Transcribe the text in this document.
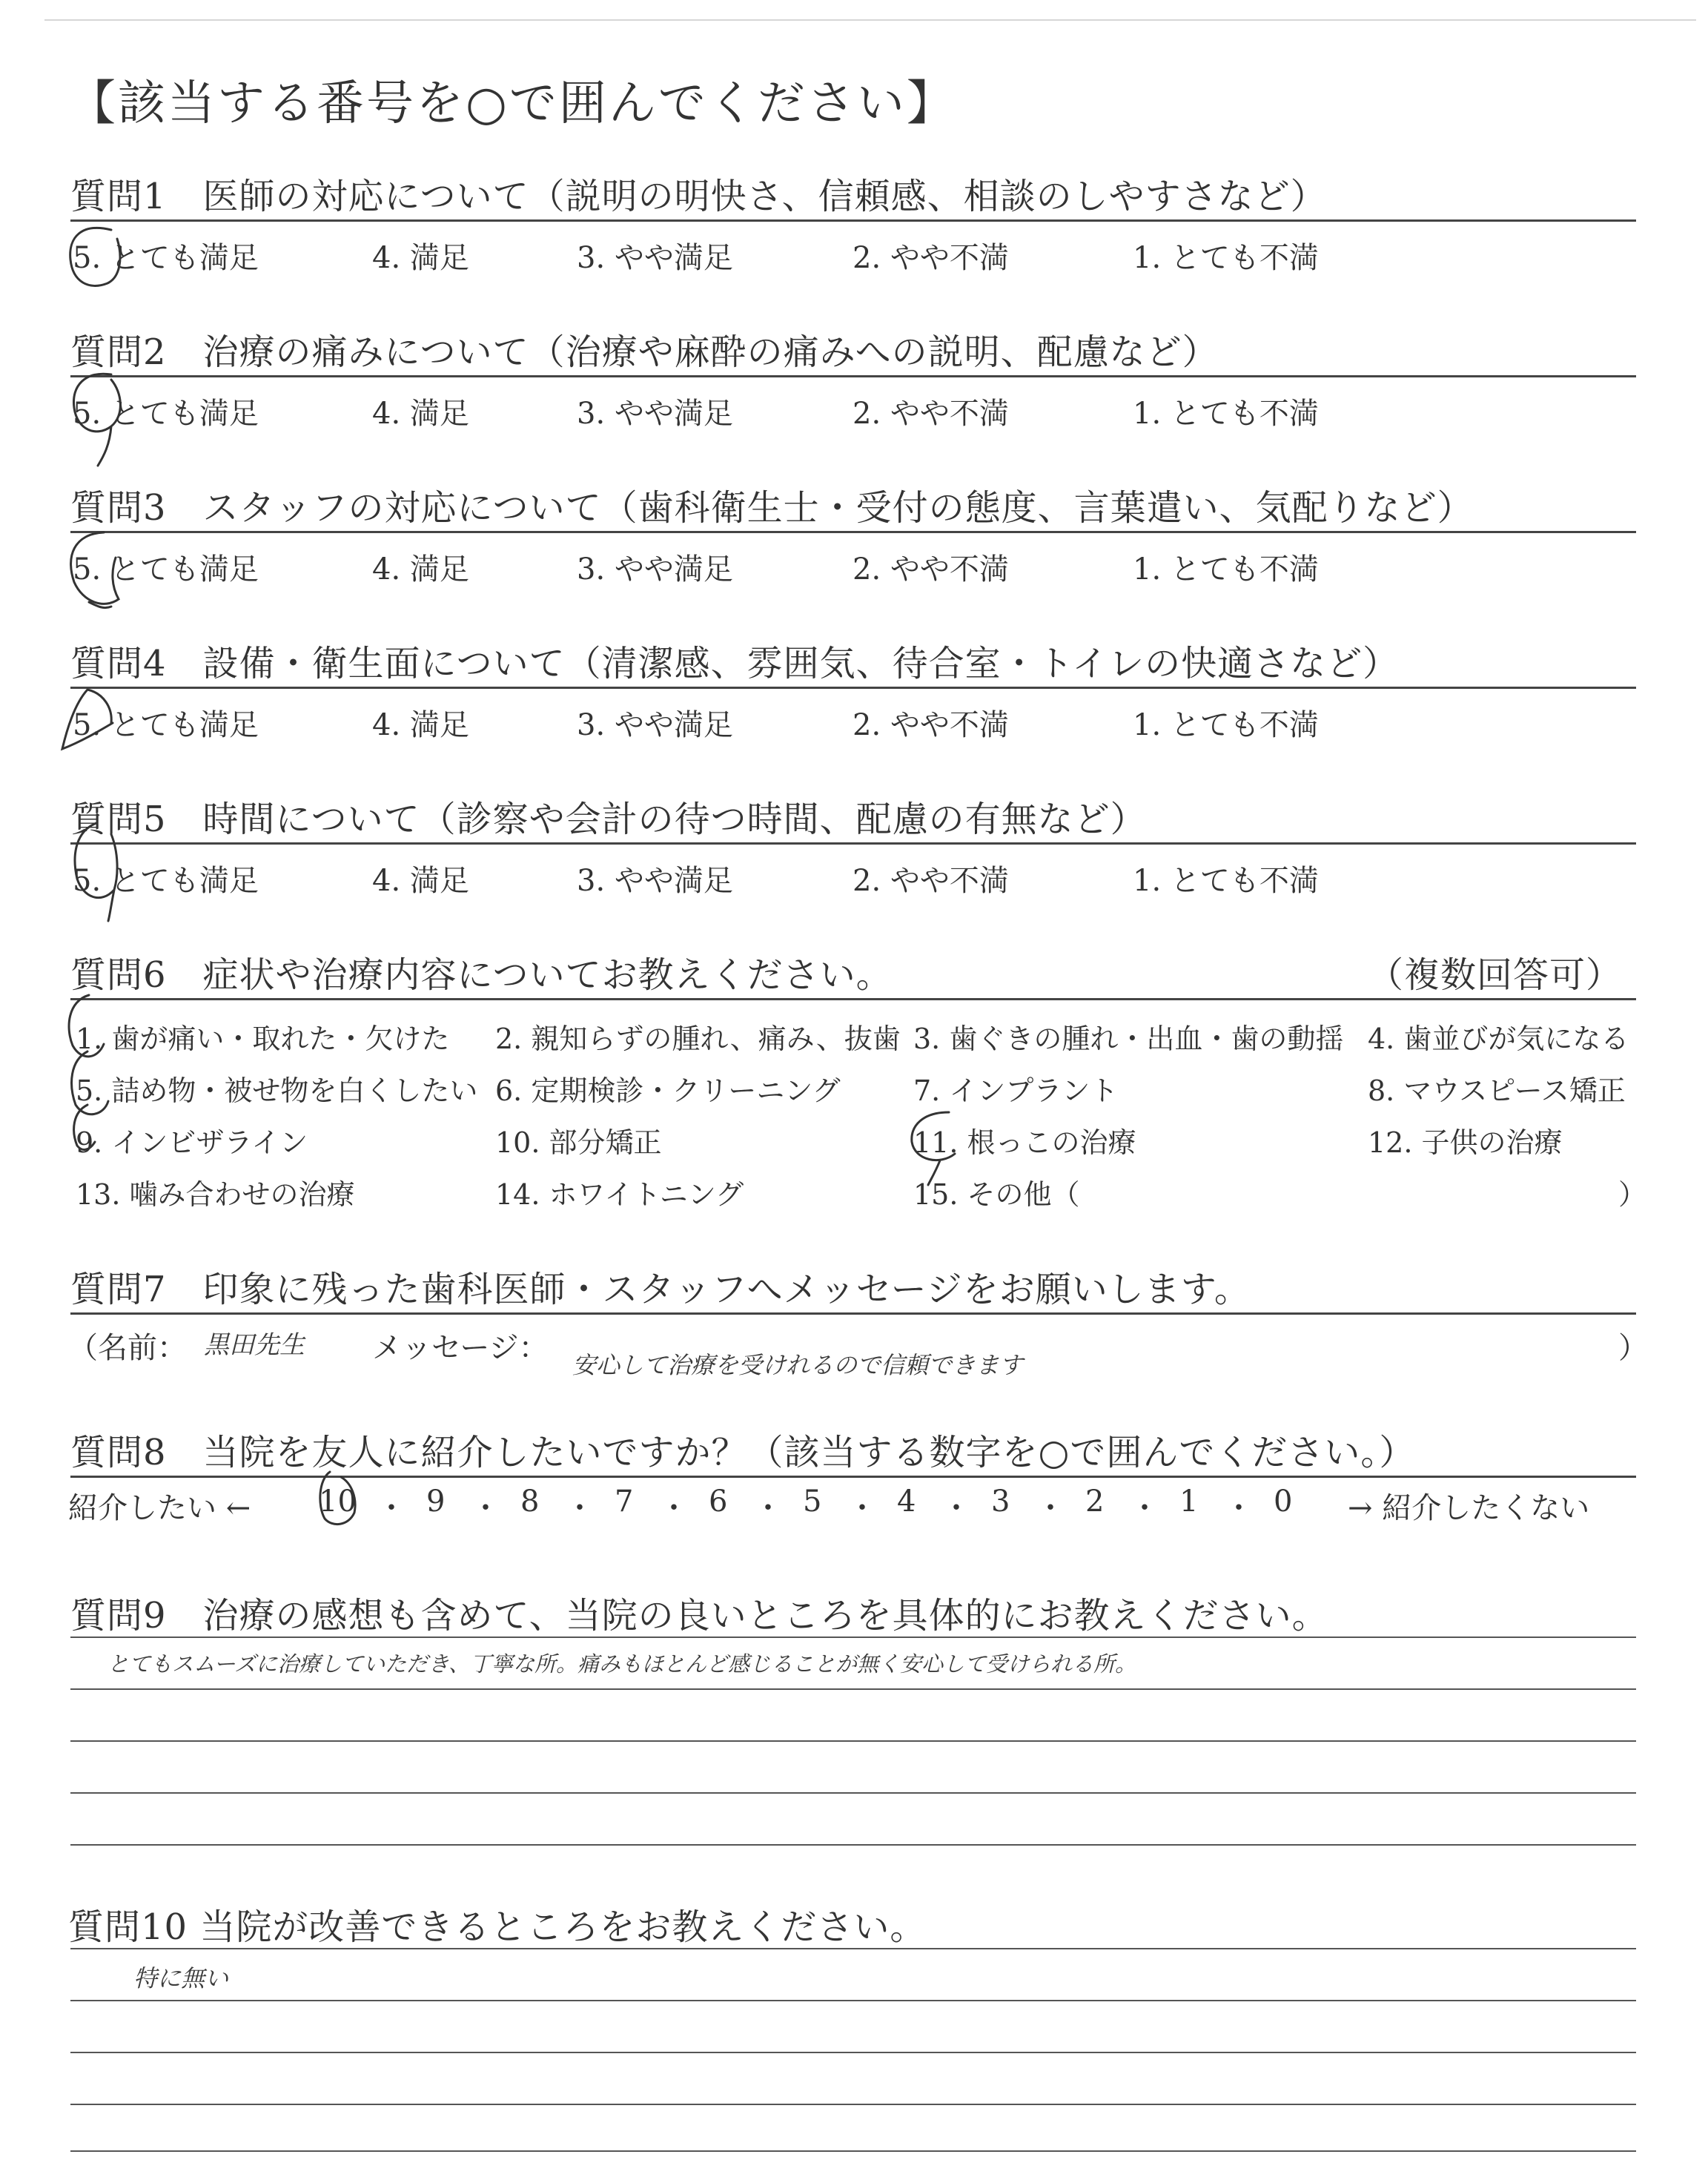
【該当する番号を○で囲んでください】
質問1　医師の対応について（説明の明快さ、信頼感、相談のしやすさなど）
5. とても満足	4. 満足	3. やや満足	2. やや不満	1. とても不満
質問2　治療の痛みについて（治療や麻酔の痛みへの説明、配慮など）
5. とても満足	4. 満足	3. やや満足	2. やや不満	1. とても不満
質問3　スタッフの対応について（歯科衛生士・受付の態度、言葉遣い、気配りなど）
5. とても満足	4. 満足	3. やや満足	2. やや不満	1. とても不満
質問4　設備・衛生面について（清潔感、雰囲気、待合室・トイレの快適さなど）
5. とても満足	4. 満足	3. やや満足	2. やや不満	1. とても不満
質問5　時間について（診察や会計の待つ時間、配慮の有無など）
5. とても満足	4. 満足	3. やや満足	2. やや不満	1. とても不満
質問6　症状や治療内容についてお教えください。	（複数回答可）
1. 歯が痛い・取れた・欠けた 2. 親知らずの腫れ、痛み、抜歯 3. 歯ぐきの腫れ・出血・歯の動揺 4. 歯並びが気になる
5. 詰め物・被せ物を白くしたい 6. 定期検診・クリーニング	7. インプラント	8. マウスピース矯正
9. インビザライン	10. 部分矯正	11. 根っこの治療	12. 子供の治療
13. 噛み合わせの治療	14. ホワイトニング	15. その他（	）
質問7　印象に残った歯科医師・スタッフへメッセージをお願いします。
（名前： 黒田先生 メッセージ： 安心して治療を受けれるので信頼できます	）
質問8　当院を友人に紹介したいですか？（該当する数字を○で囲んでください。）
紹介したい ←	→ 紹介したくない
10 ・ 9 ・ 8 ・ 7 ・ 6 ・ 5 ・ 4 ・ 3 ・ 2 ・ 1 ・ 0
質問9　治療の感想も含めて、当院の良いところを具体的にお教えください。
とてもスムーズに治療していただき、丁寧な所。痛みもほとんど感じることが無く安心して受けられる所。
質問10 当院が改善できるところをお教えください。
特に無い
